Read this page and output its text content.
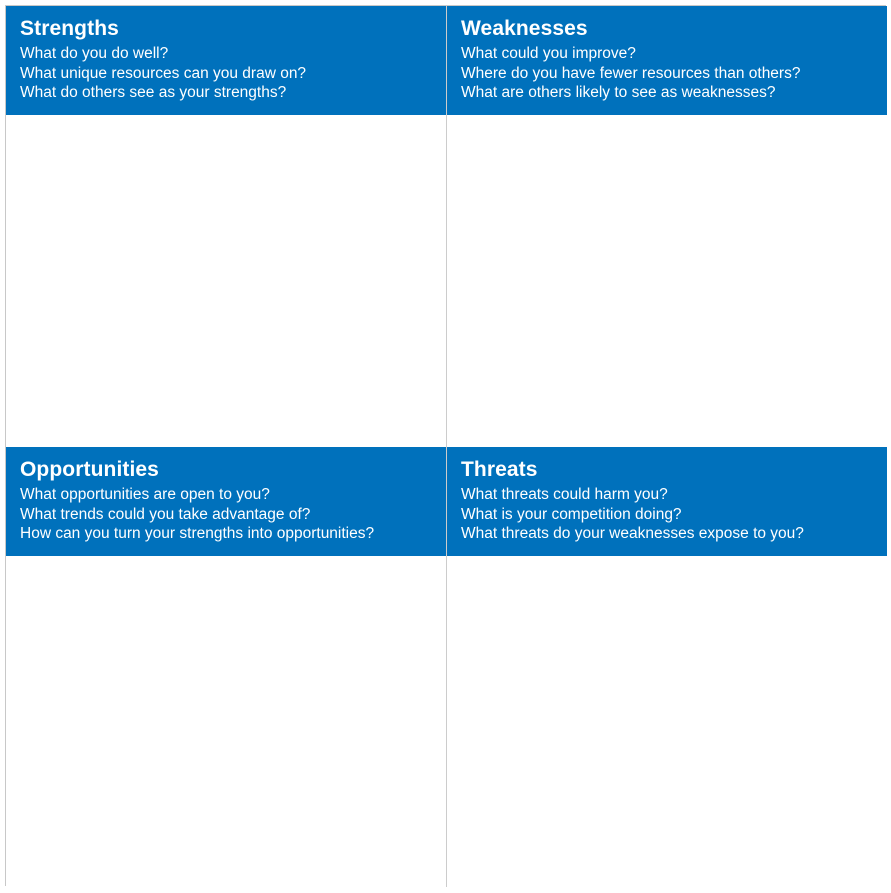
Strengths
What do you do well?
What unique resources can you draw on?
What do others see as your strengths?
Weaknesses
What could you improve?
Where do you have fewer resources than others?
What are others likely to see as weaknesses?
Opportunities
What opportunities are open to you?
What trends could you take advantage of?
How can you turn your strengths into opportunities?
Threats
What threats could harm you?
What is your competition doing?
What threats do your weaknesses expose to you?
